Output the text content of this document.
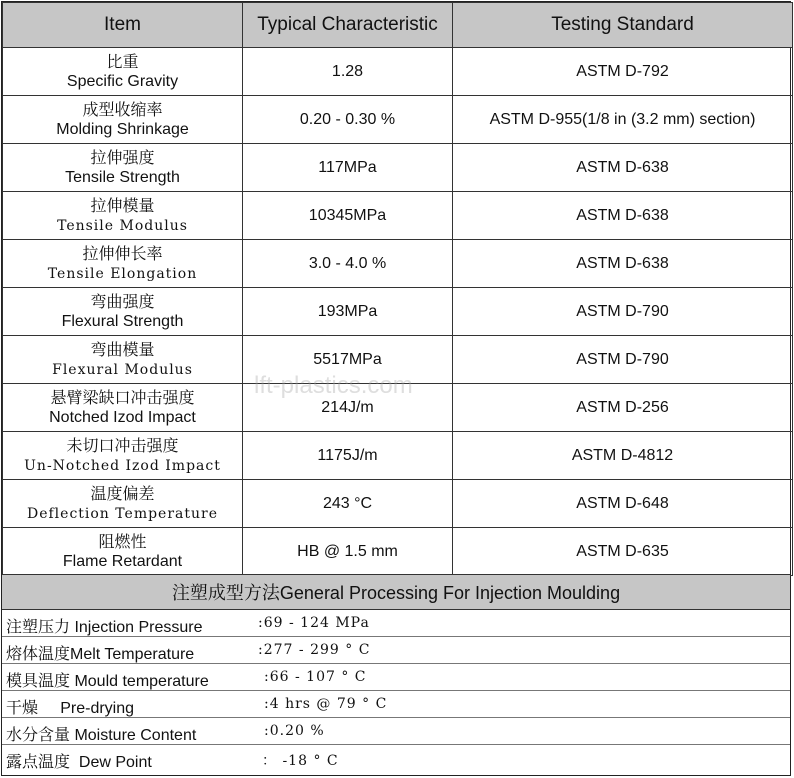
Item	Typical Characteristic	Testing Standard

比重
Specific Gravity	1.28	ASTM D-792

成型收缩率
Molding Shrinkage	0.20 - 0.30 %	ASTM D-955(1/8 in (3.2 mm) section)

拉伸强度
Tensile Strength	117MPa	ASTM D-638

拉伸模量
Tensile Modulus	10345MPa	ASTM D-638

拉伸伸长率
Tensile Elongation	3.0 - 4.0 %	ASTM D-638

弯曲强度
Flexural Strength	193MPa	ASTM D-790

弯曲模量
Flexural Modulus	5517MPa	ASTM D-790

悬臂梁缺口冲击强度
Notched Izod Impact	214J/m	ASTM D-256

未切口冲击强度
Un-Notched Izod Impact	1175J/m	ASTM D-4812

温度偏差
Deflection Temperature	243 °C	ASTM D-648

阻燃性
Flame Retardant	HB @ 1.5 mm	ASTM D-635
注塑成型方法General Processing For Injection Moulding
注塑压力 Injection Pressure	:69 - 124 MPa
熔体温度Melt Temperature	:277 - 299 ° C
模具温度 Mould temperature	:66 - 107 ° C
干燥     Pre-drying	:4 hrs @ 79 ° C
水分含量 Moisture Content	:0.20 %
露点温度  Dew Point	： -18 ° C
lft-plastics.com
